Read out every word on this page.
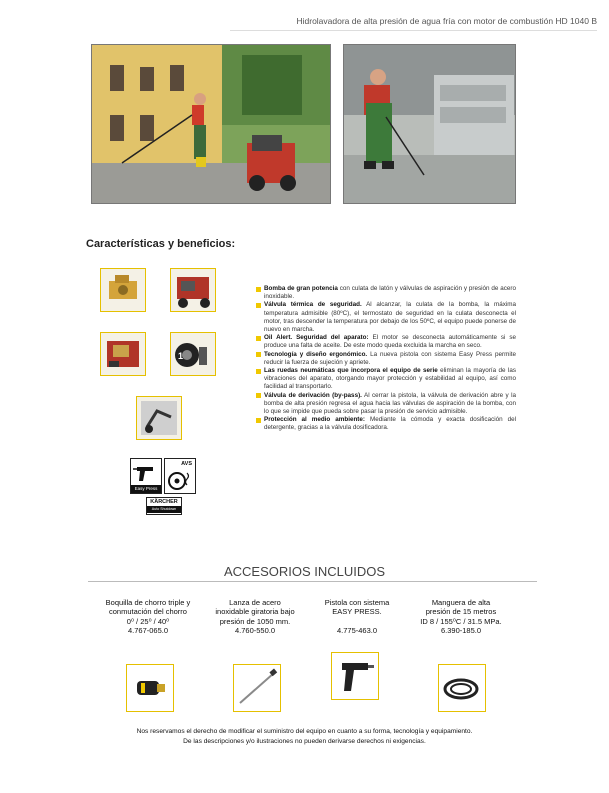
Hidrolavadora de alta presión de agua fría con motor de combustión HD 1040 B
Características y beneficios:
1
Bomba de gran potencia con culata de latón y válvulas de aspiración y presión de acero inoxidable.
Válvula térmica de seguridad. Al alcanzar, la culata de la bomba, la máxima temperatura admisible (80ºC), el termostato de seguridad en la culata desconecta el motor, tras descender la temperatura por debajo de los 50ºC, el equipo puede ponerse de nuevo en marcha.
Oil Alert. Seguridad del aparato: El motor se desconecta automáticamente si se produce una falta de aceite. De este modo queda excluida la marcha en seco.
Tecnología y diseño ergonómico. La nueva pistola con sistema Easy Press permite reducir la fuerza de sujeción y apriete.
Las ruedas neumáticas que incorpora el equipo de serie eliminan la mayoría de las vibraciones del aparato, otorgando mayor protección y estabilidad al equipo, así como facilidad al transportarlo.
Válvula de derivación (by-pass). Al cerrar la pistola, la válvula de derivación abre y la bomba de alta presión regresa el agua hacia las válvulas de aspiración de la bomba, con lo que se impide que pueda sobre pasar la presión de servicio admisible.
Protección al medio ambiente: Mediante la cómoda y exacta dosificación del detergente, gracias a la válvula dosificadora.
Easy Press
AVS
KÄRCHER
Auto Shutdown
ACCESORIOS INCLUIDOS
Boquilla de chorro triple y
conmutación del chorro
0⁰ / 25⁰ / 40⁰
4.767-065.0
Lanza de acero
inoxidable giratoria bajo
presión de 1050 mm.
4.760-550.0
Pistola con sistema
EASY PRESS.
4.775-463.0
Manguera de alta
presión de 15 metros
ID 8 / 155⁰C / 31.5 MPa.
6.390-185.0
Nos reservamos el derecho de modificar el suministro del equipo en cuanto a su forma, tecnología y equipamiento.
De las descripciones y/o ilustraciones no pueden derivarse derechos ni exigencias.
